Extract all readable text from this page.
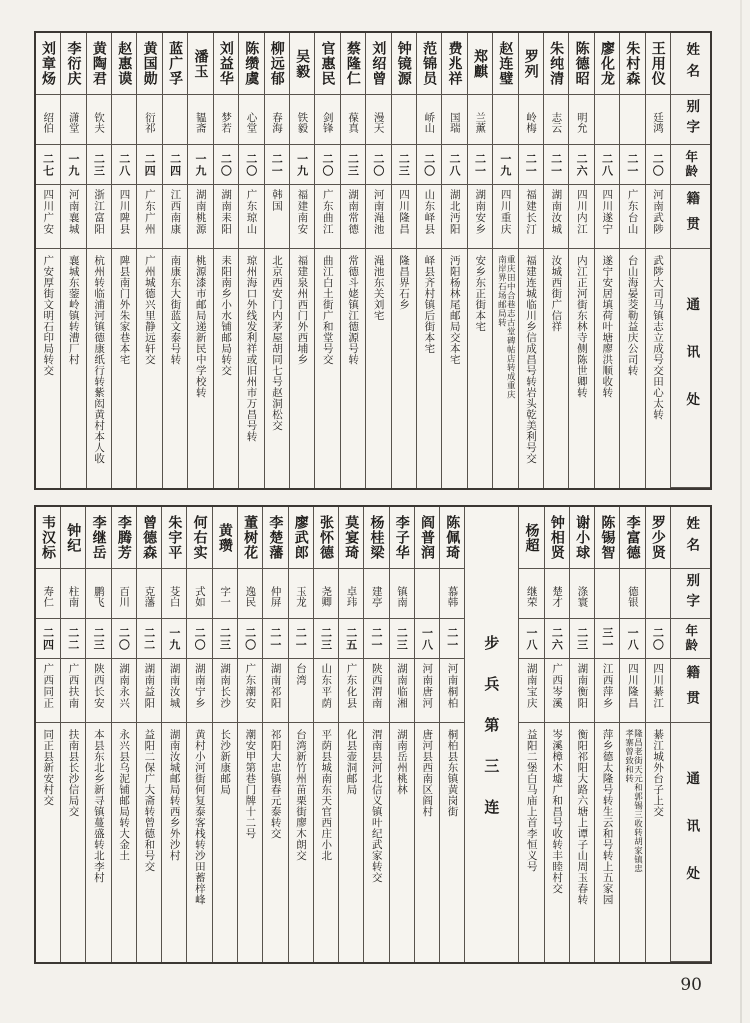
姓名
别字
年龄
籍贯
通讯处
王用仪
廷鸿
二〇
河南武陟
武陟大司马镇志立成号交田心太转
朱村森
二一
广东台山
台山海晏茭勒益庆公司转
廖化龙
二八
四川遂宁
遂宁安居填荷叶塘廖洪顺收转
陈德昭
明允
二六
四川内江
内江正河街东林寺侧陈世卿转
朱纯清
志云
二一
湖南汝城
汝城西街广信祥
罗列
岭梅
二一
福建长汀
福建连城临川乡信成昌号转岩头乾美利号交
赵连璧
一九
四川重庆
重庆田中合巷志古堂碑帖店转成重庆南岸界石场邮局转
郑麒
兰薰
二一
湖南安乡
安乡东正街本宅
费兆祥
国瑞
二八
湖北沔阳
沔阳杨林尾邮局交本宅
范锦员
峤山
二〇
山东峄县
峄县齐村镇后街本宅
钟镜源
二三
四川隆昌
隆昌界石乡
刘绍曾
漫天
二〇
河南渑池
渑池东关刘宅
蔡隆仁
葆真
二三
湖南常德
常德斗姥镇江德源号转
官惠民
剑锋
二〇
广东曲江
曲江白土街广和堂号交
吴毅
铁毅
一九
福建南安
福建泉州西门外西埔乡
柳远郁
春海
二一
韩国
北京西安门内茅屋胡同七号赵洞松交
陈缵虞
心堂
二〇
广东琼山
琼州海口外线发利祥或旧州市万昌号转
刘益华
梦若
二〇
湖南耒阳
耒阳南乡小水铺邮局转交
潘玉
韫斋
一九
湖南桃源
桃源漆市邮局递新民中学校转
蓝广孚
二四
江西南康
南康东大街蓝文泰号转
黄国勋
衍祁
二四
广东广州
广州城德兴里静远轩交
赵惠谟
二八
四川陴县
陴县南门外朱家巷本宅
黄陶君
钦夫
二三
浙江富阳
杭州转临浦河镇德康纸行转紫闳黄村本人收
李衍庆
潇堂
一九
河南襄城
襄城东蓥岭镇转漕厂村
刘章炀
绍伯
二七
四川广安
广安厚街文明石印局转交
姓名
别字
年龄
籍贯
通讯处
罗少贤
二〇
四川綦江
綦江城外台子上交
李富德
德银
一八
四川隆昌
隆昌老街天元和郭锡三收转胡家镇忠孝寨曾致和转
陈锡智
三一
江西萍乡
萍乡德太隆号转生云和号转上五家园
谢小球
涤寰
二三
湖南衡阳
衡阳祁阳大路六塘上谭子山周玉春转
钟相贤
楚才
二六
广西岑溪
岑溪樟木墟广和昌号收转丰睦村交
杨超
继荣
一八
湖南宝庆
益阳二堡白马庙上首李恒义号
步兵第三连
陈佩琦
慕韩
二一
河南桐柏
桐柏县东镇黄岗街
阎普润
一八
河南唐河
唐河县西南区阎村
李子华
镇南
二三
湖南临湘
湖南岳州桃林
杨桂梁
建亭
二一
陕西渭南
渭南县河北信义镇叶纪武家转交
莫宴琦
卓玮
二五
广东化县
化县壶洞邮局
张怀德
尧卿
二三
山东平荫
平荫县城南东天官西庄小北
廖武郎
玉龙
二一
台湾
台湾新竹州苗栗街廖木朗交
李楚藩
仲屏
二一
湖南祁阳
祁阳大忠镇春元泰转交
董树花
逸民
二〇
广东潮安
潮安甲第巷门牌十二号
黄瓒
字一
二三
湖南长沙
长沙新康邮局
何右实
式如
二〇
湖南宁乡
黄村小河街何复泰客栈转沙田蓄梓峰
朱宇平
芟白
一九
湖南汝城
湖南汝城邮局转西乡外沙村
曾德森
克藩
二二
湖南益阳
益阳二保广大斋转曾德和号交
李腾芳
百川
二〇
湖南永兴
永兴县乌泥铺邮局转大金土
李继岳
鹏飞
二三
陕西长安
本县东北乡新寻镇蔓盛转北李村
钟纪
柱南
二二
广西扶南
扶南县长沙信局交
韦汉标
寿仁
二四
广西同正
同正县新安村交
90
